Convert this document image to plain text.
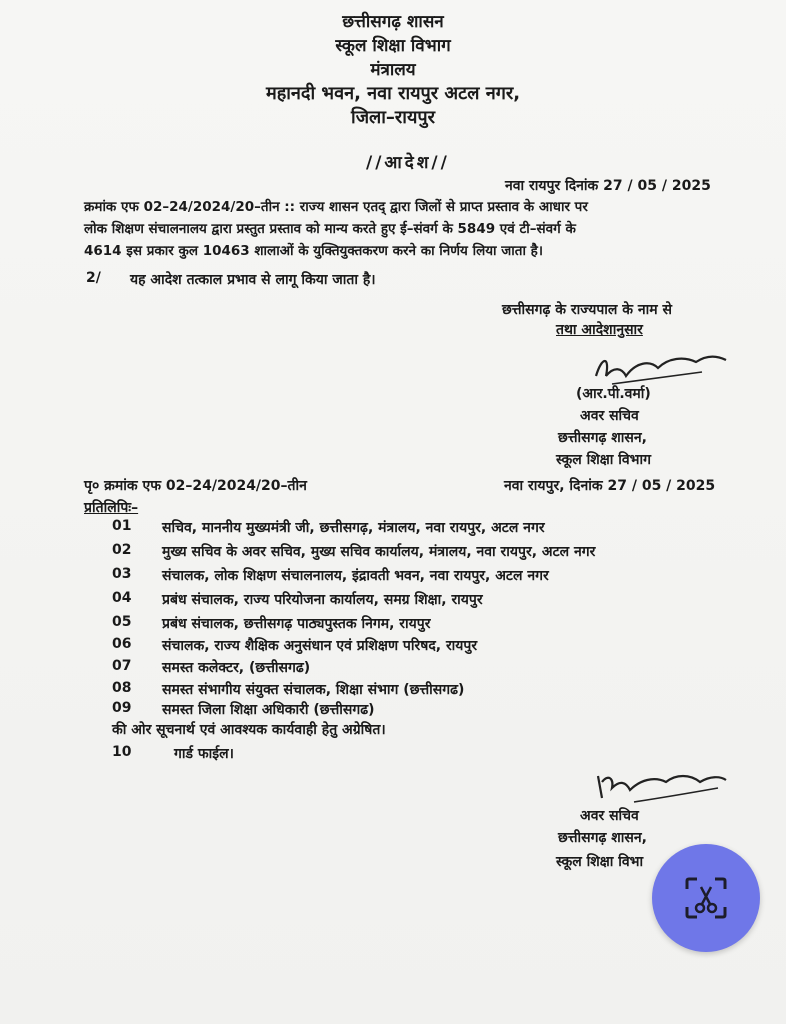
छत्तीसगढ़ शासन

स्कूल शिक्षा विभाग

मंत्रालय

महानदी भवन, नवा रायपुर अटल नगर,

जिला–रायपुर

//आदेश//
नवा रायपुर दिनांक 27 / 05 / 2025
क्रमांक एफ 02–24/2024/20–तीन :: राज्य शासन एतद् द्वारा जिलों से प्राप्त प्रस्ताव के आधार पर
लोक शिक्षण संचालनालय द्वारा प्रस्तुत प्रस्ताव को मान्य करते हुए ई–संवर्ग के 5849 एवं टी–संवर्ग के
4614 इस प्रकार कुल 10463 शालाओं के युक्तियुक्तकरण करने का निर्णय लिया जाता है।
2/ यह आदेश तत्काल प्रभाव से लागू किया जाता है।
छत्तीसगढ़ के राज्यपाल के नाम से
तथा आदेशानुसार
(आर.पी.वर्मा)
अवर सचिव
छत्तीसगढ़ शासन,
स्कूल शिक्षा विभाग
पृ० क्रमांक एफ 02–24/2024/20–तीन	नवा रायपुर, दिनांक 27 / 05 / 2025
प्रतिलिपिः–
01 सचिव, माननीय मुख्यमंत्री जी, छत्तीसगढ़, मंत्रालय, नवा रायपुर, अटल नगर
02 मुख्य सचिव के अवर सचिव, मुख्य सचिव कार्यालय, मंत्रालय, नवा रायपुर, अटल नगर
03 संचालक, लोक शिक्षण संचालनालय, इंद्रावती भवन, नवा रायपुर, अटल नगर
04 प्रबंध संचालक, राज्य परियोजना कार्यालय, समग्र शिक्षा, रायपुर
05 प्रबंध संचालक, छत्तीसगढ़ पाठ्यपुस्तक निगम, रायपुर
06 संचालक, राज्य शैक्षिक अनुसंधान एवं प्रशिक्षण परिषद, रायपुर
07 समस्त कलेक्टर, (छत्तीसगढ)
08 समस्त संभागीय संयुक्त संचालक, शिक्षा संभाग (छत्तीसगढ)
09 समस्त जिला शिक्षा अधिकारी (छत्तीसगढ)
की ओर सूचनार्थ एवं आवश्यक कार्यवाही हेतु अग्रेषित।
10	गार्ड फाईल।
अवर सचिव
छत्तीसगढ़ शासन,
स्कूल शिक्षा विभा
